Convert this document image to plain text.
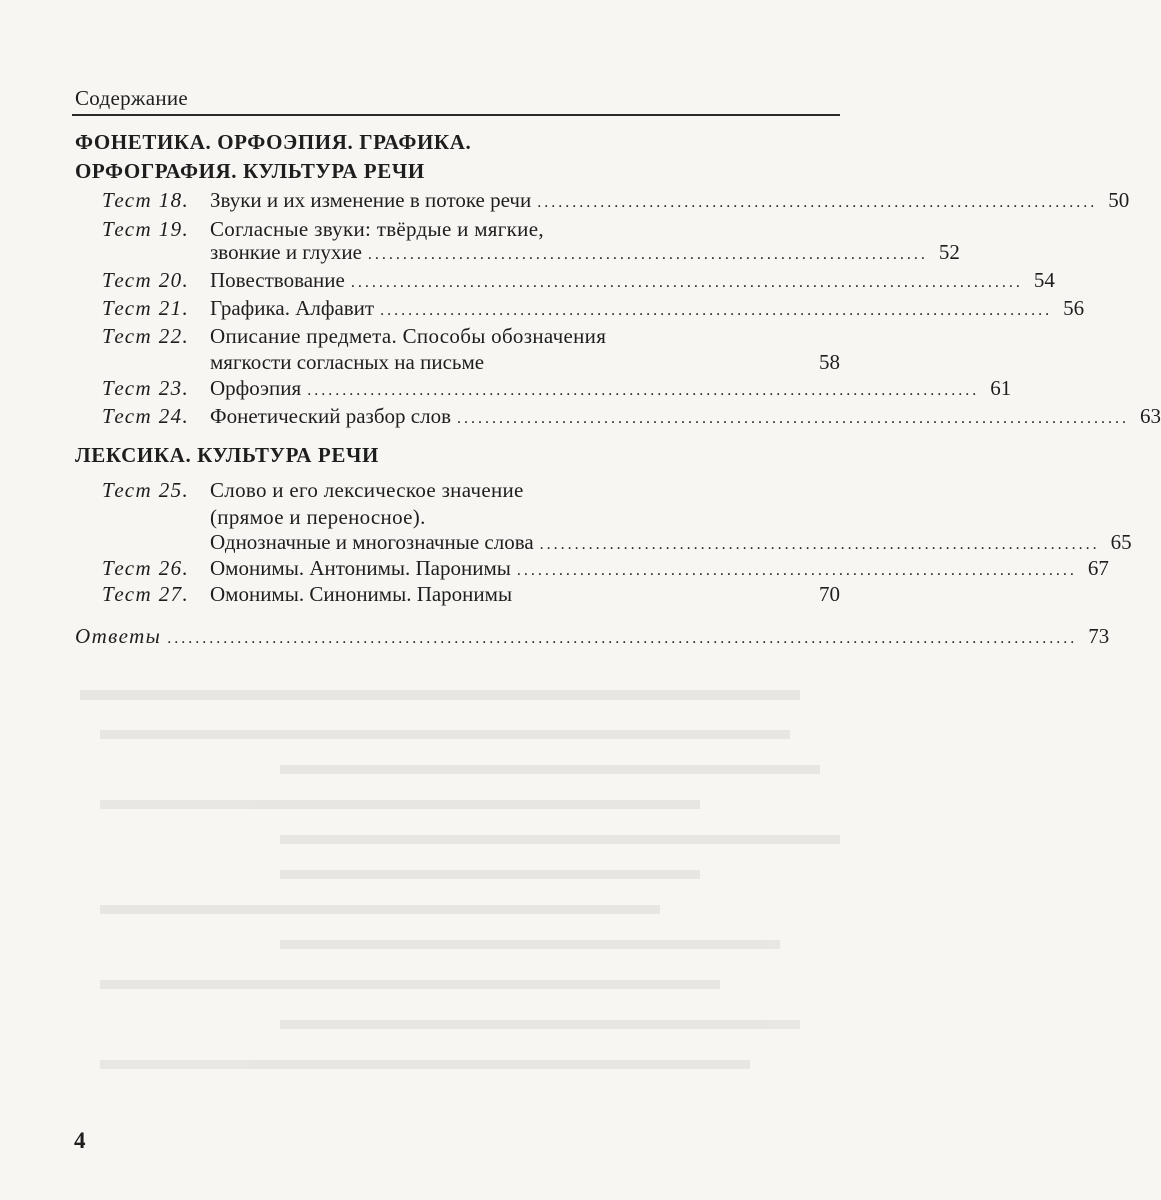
Содержание
ФОНЕТИКА. ОРФОЭПИЯ. ГРАФИКА.
ОРФОГРАФИЯ. КУЛЬТУРА РЕЧИ
Тест 18. Звуки и их изменение в потоке речи ................................................................................ 50
Тест 19. Согласные звуки: твёрдые и мягкие,
звонкие и глухие ................................................................................ 52
Тест 20. Повествование ................................................................................................ 54
Тест 21. Графика. Алфавит ................................................................................................ 56
Тест 22. Описание предмета. Способы обозначения
мягкости согласных на письме	58
Тест 23. Орфоэпия ................................................................................................ 61
Тест 24. Фонетический разбор слов ................................................................................................ 63
ЛЕКСИКА. КУЛЬТУРА РЕЧИ
Тест 25. Слово и его лексическое значение
(прямое и переносное).
Однозначные и многозначные слова ................................................................................ 65
Тест 26. Омонимы. Антонимы. Паронимы ................................................................................ 67
Тест 27. Омонимы. Синонимы. Паронимы	70
Ответы .................................................................................................................................. 73
4
